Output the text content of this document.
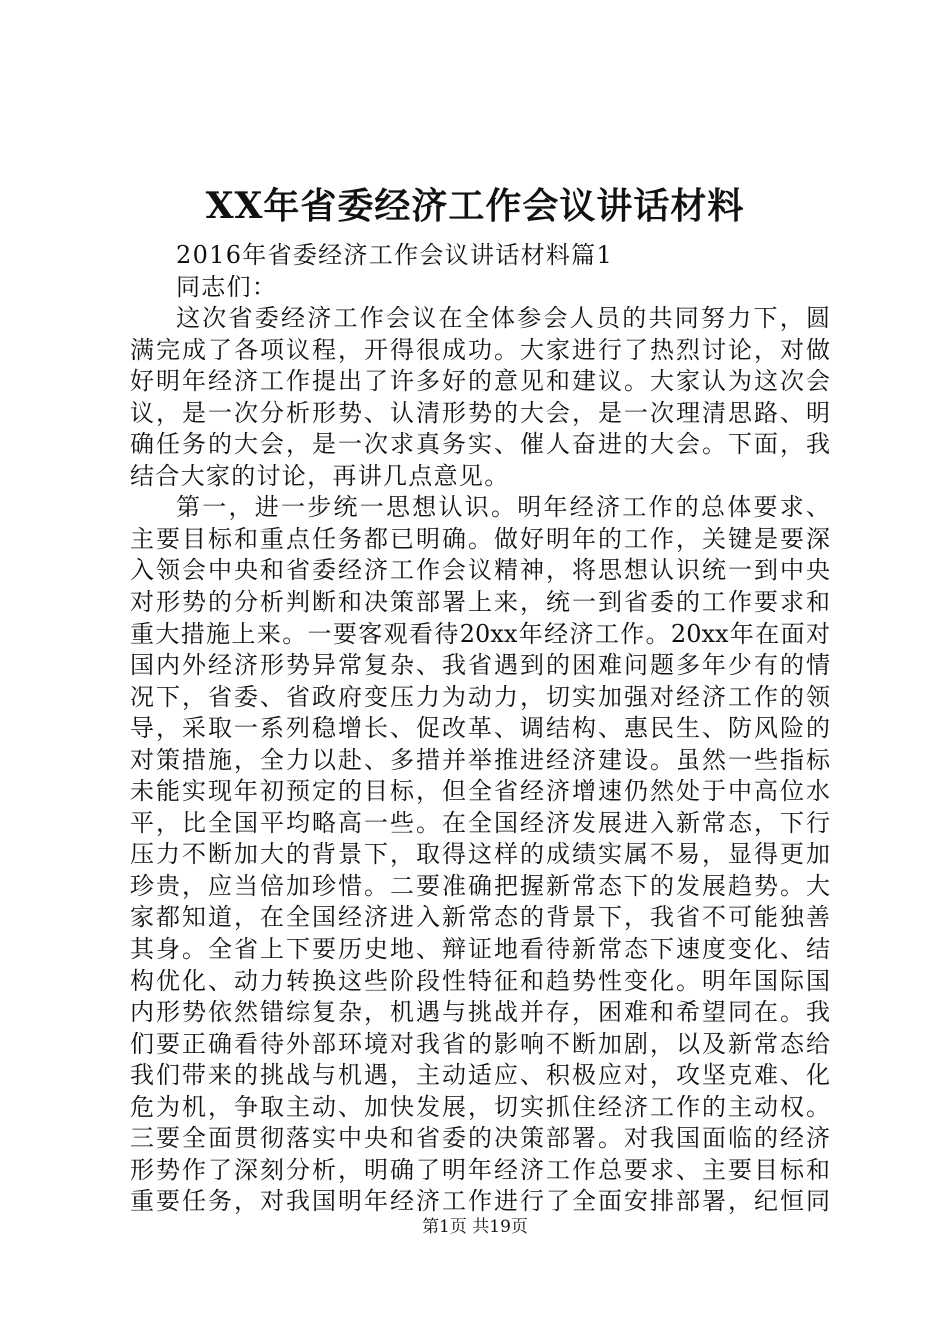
XX年省委经济工作会议讲话材料
2016年省委经济工作会议讲话材料篇1
同志们：
这次省委经济工作会议在全体参会人员的共同努力下，圆
满完成了各项议程，开得很成功。大家进行了热烈讨论，对做
好明年经济工作提出了许多好的意见和建议。大家认为这次会
议，是一次分析形势、认清形势的大会，是一次理清思路、明
确任务的大会，是一次求真务实、催人奋进的大会。下面，我
结合大家的讨论，再讲几点意见。
第一，进一步统一思想认识。明年经济工作的总体要求、
主要目标和重点任务都已明确。做好明年的工作，关键是要深
入领会中央和省委经济工作会议精神，将思想认识统一到中央
对形势的分析判断和决策部署上来，统一到省委的工作要求和
重大措施上来。一要客观看待20xx年经济工作。20xx年在面对
国内外经济形势异常复杂、我省遇到的困难问题多年少有的情
况下，省委、省政府变压力为动力，切实加强对经济工作的领
导，采取一系列稳增长、促改革、调结构、惠民生、防风险的
对策措施，全力以赴、多措并举推进经济建设。虽然一些指标
未能实现年初预定的目标，但全省经济增速仍然处于中高位水
平，比全国平均略高一些。在全国经济发展进入新常态，下行
压力不断加大的背景下，取得这样的成绩实属不易，显得更加
珍贵，应当倍加珍惜。二要准确把握新常态下的发展趋势。大
家都知道，在全国经济进入新常态的背景下，我省不可能独善
其身。全省上下要历史地、辩证地看待新常态下速度变化、结
构优化、动力转换这些阶段性特征和趋势性变化。明年国际国
内形势依然错综复杂，机遇与挑战并存，困难和希望同在。我
们要正确看待外部环境对我省的影响不断加剧，以及新常态给
我们带来的挑战与机遇，主动适应、积极应对，攻坚克难、化
危为机，争取主动、加快发展，切实抓住经济工作的主动权。
三要全面贯彻落实中央和省委的决策部署。对我国面临的经济
形势作了深刻分析，明确了明年经济工作总要求、主要目标和
重要任务，对我国明年经济工作进行了全面安排部署，纪恒同
第1页 共19页
